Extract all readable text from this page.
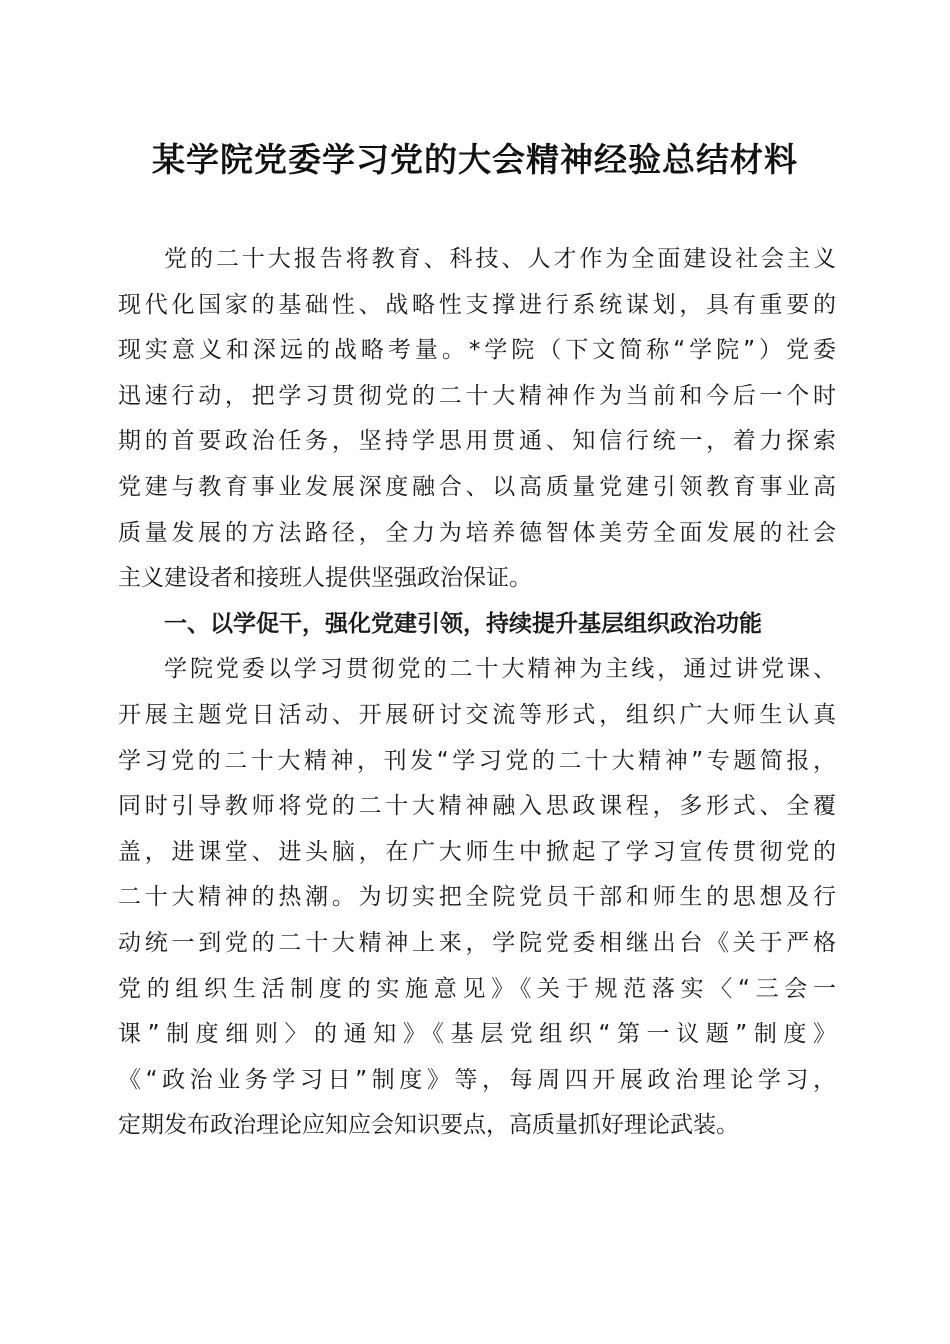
某学院党委学习党的大会精神经验总结材料
党的二十大报告将教育、科技、人才作为全面建设社会主义
现代化国家的基础性、战略性支撑进行系统谋划，具有重要的
现实意义和深远的战略考量。*学院（下文简称“学院”）党委
迅速行动，把学习贯彻党的二十大精神作为当前和今后一个时
期的首要政治任务，坚持学思用贯通、知信行统一，着力探索
党建与教育事业发展深度融合、以高质量党建引领教育事业高
质量发展的方法路径，全力为培养德智体美劳全面发展的社会
主义建设者和接班人提供坚强政治保证。
一、以学促干，强化党建引领，持续提升基层组织政治功能
学院党委以学习贯彻党的二十大精神为主线，通过讲党课、
开展主题党日活动、开展研讨交流等形式，组织广大师生认真
学习党的二十大精神，刊发“学习党的二十大精神”专题简报，
同时引导教师将党的二十大精神融入思政课程，多形式、全覆
盖，进课堂、进头脑，在广大师生中掀起了学习宣传贯彻党的
二十大精神的热潮。为切实把全院党员干部和师生的思想及行
动统一到党的二十大精神上来，学院党委相继出台《关于严格
党的组织生活制度的实施意见》《关于规范落实〈“三会一
课”制度细则〉的通知》《基层党组织“第一议题”制度》
《“政治业务学习日”制度》等，每周四开展政治理论学习，
定期发布政治理论应知应会知识要点，高质量抓好理论武装。
